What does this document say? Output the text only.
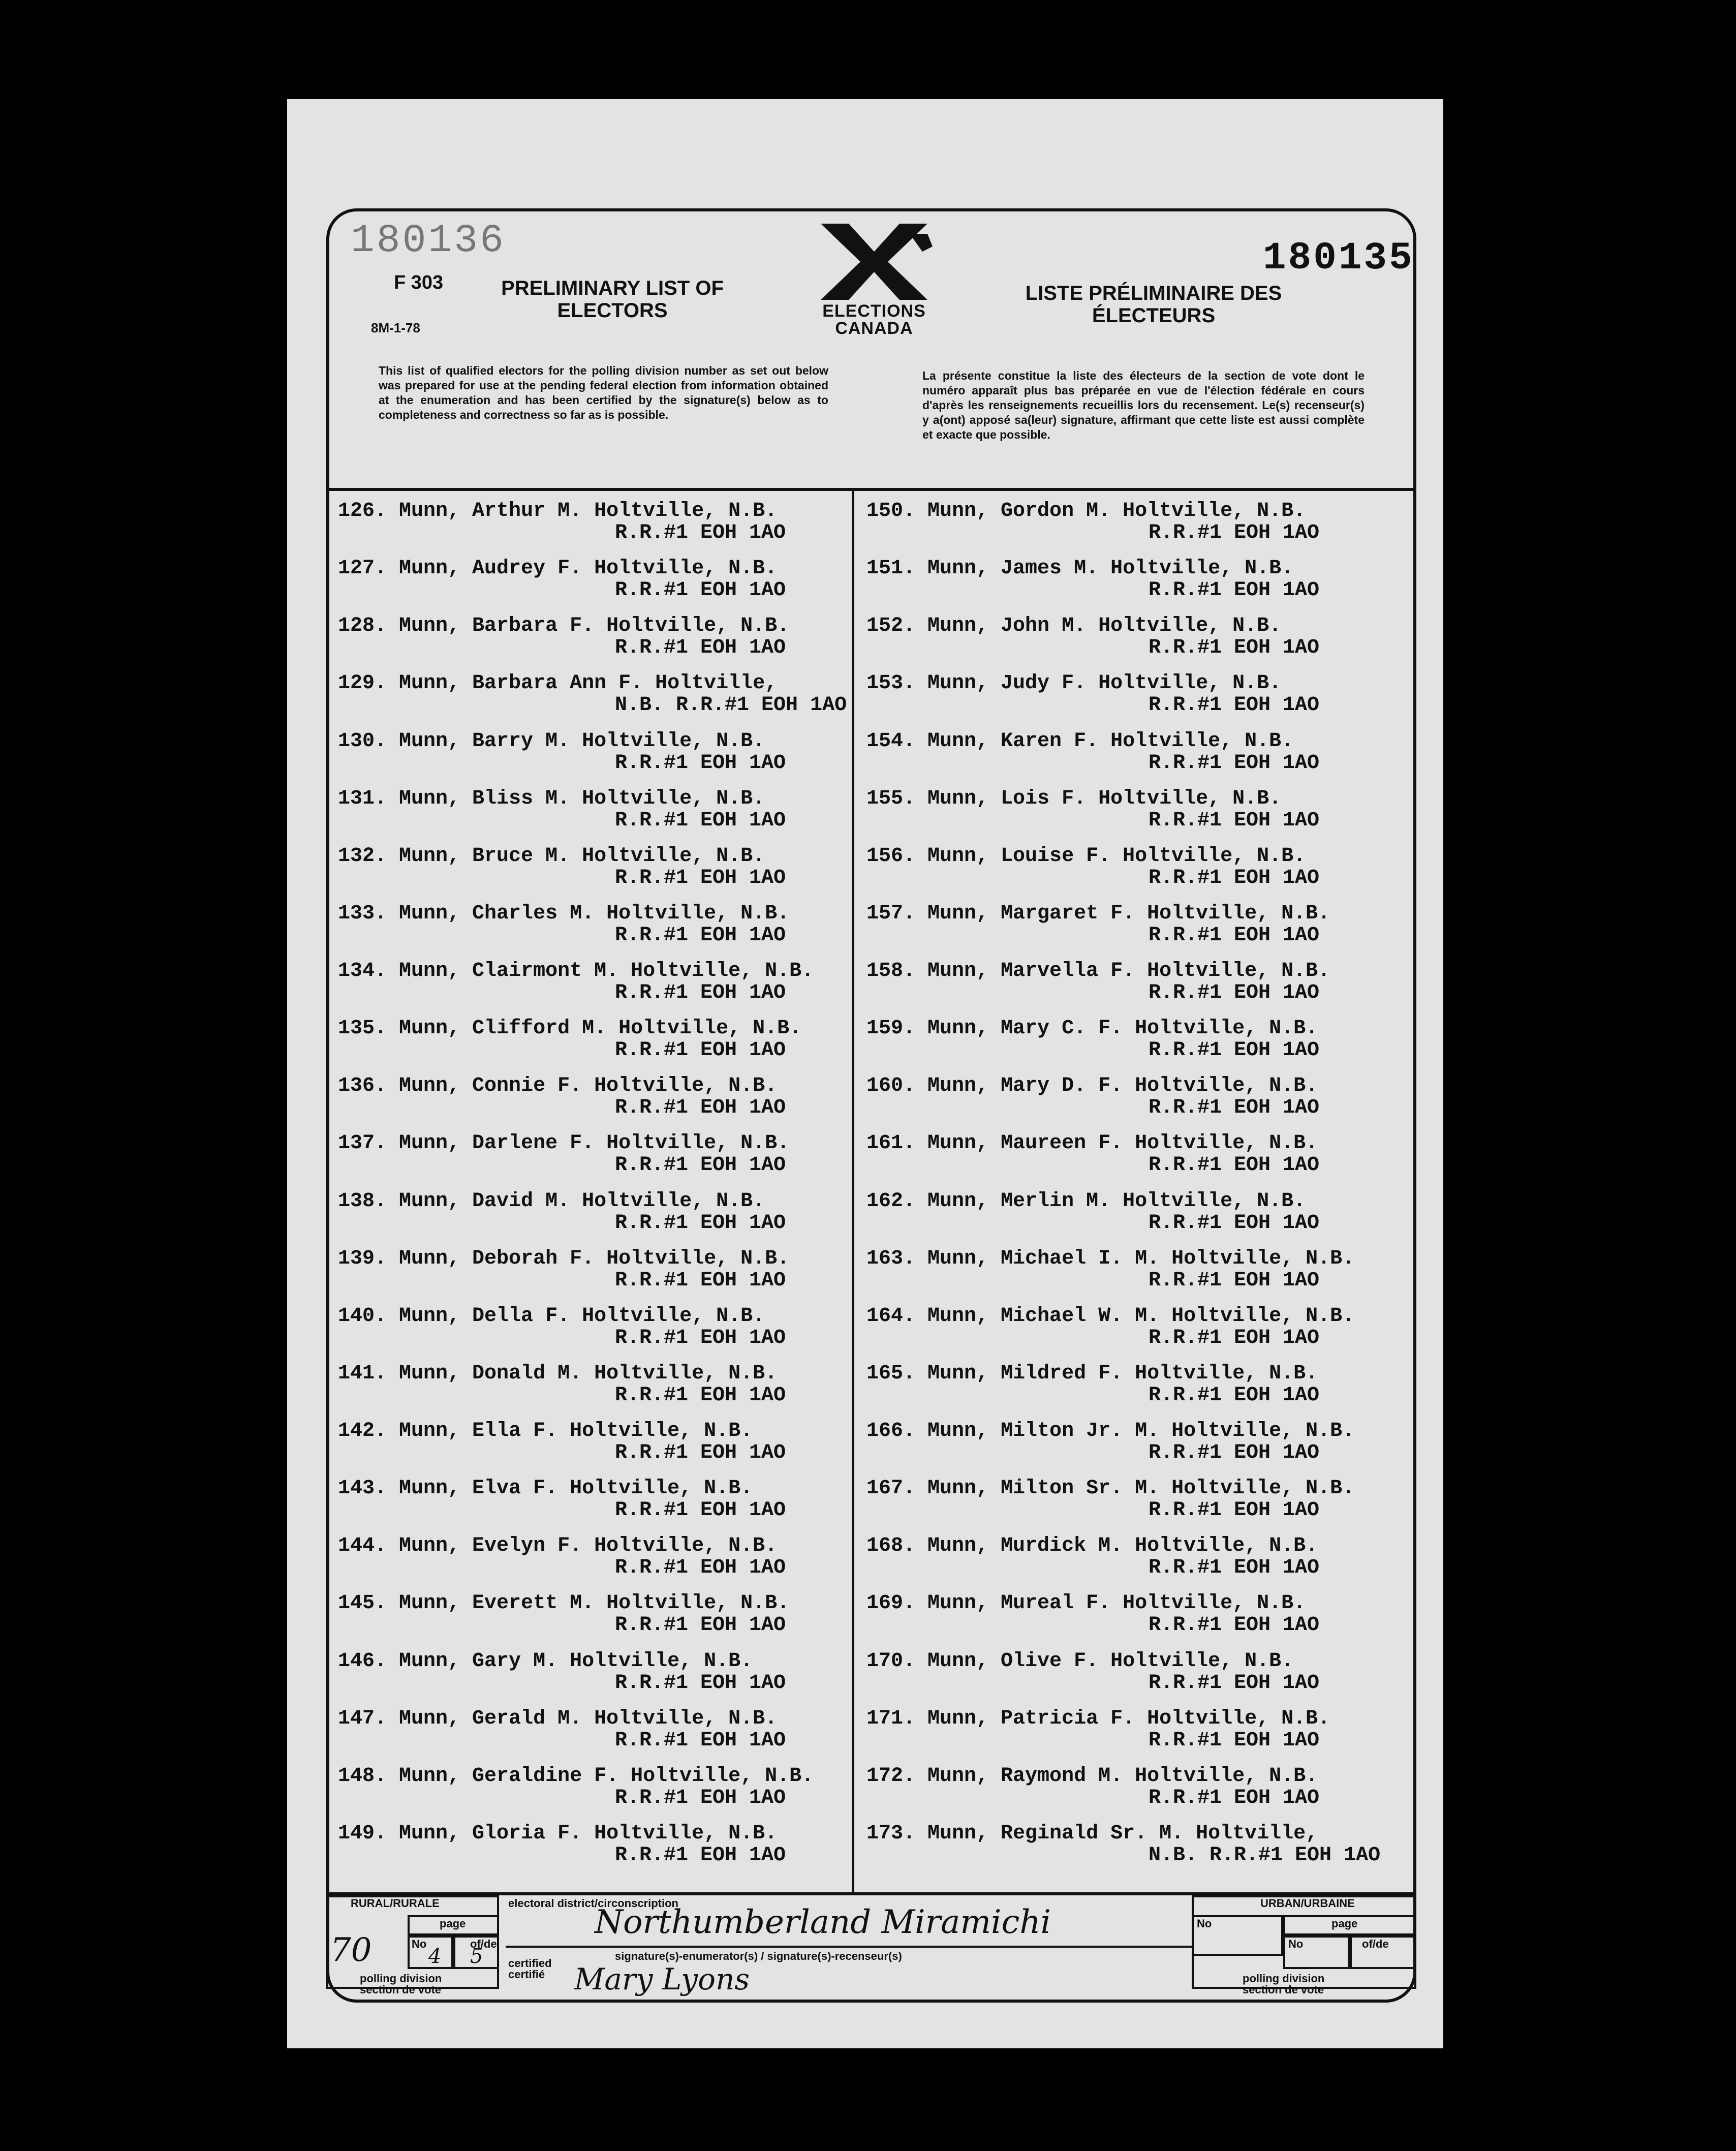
180136	180135
F 303
8M-1-78
PRELIMINARY LIST OF ELECTORS
LISTE PRÉLIMINAIRE DES ÉLECTEURS
ELECTIONS CANADA
This list of qualified electors for the polling division number as set out below was prepared for use at the pending federal election from information obtained at the enumeration and has been certified by the signature(s) below as to completeness and correctness so far as is possible.
La présente constitue la liste des électeurs de la section de vote dont le numéro apparaît plus bas préparée en vue de l'élection fédérale en cours d'après les renseignements recueillis lors du recensement. Le(s) recenseur(s) y a(ont) apposé sa(leur) signature, affirmant que cette liste est aussi complète et exacte que possible.
126. Munn, Arthur M. Holtville, N.B.
R.R.#1 EOH 1AO
127. Munn, Audrey F. Holtville, N.B.
R.R.#1 EOH 1AO
128. Munn, Barbara F. Holtville, N.B.
R.R.#1 EOH 1AO
129. Munn, Barbara Ann F. Holtville,
N.B. R.R.#1 EOH 1AO
130. Munn, Barry M. Holtville, N.B.
R.R.#1 EOH 1AO
131. Munn, Bliss M. Holtville, N.B.
R.R.#1 EOH 1AO
132. Munn, Bruce M. Holtville, N.B.
R.R.#1 EOH 1AO
133. Munn, Charles M. Holtville, N.B.
R.R.#1 EOH 1AO
134. Munn, Clairmont M. Holtville, N.B.
R.R.#1 EOH 1AO
135. Munn, Clifford M. Holtville, N.B.
R.R.#1 EOH 1AO
136. Munn, Connie F. Holtville, N.B.
R.R.#1 EOH 1AO
137. Munn, Darlene F. Holtville, N.B.
R.R.#1 EOH 1AO
138. Munn, David M. Holtville, N.B.
R.R.#1 EOH 1AO
139. Munn, Deborah F. Holtville, N.B.
R.R.#1 EOH 1AO
140. Munn, Della F. Holtville, N.B.
R.R.#1 EOH 1AO
141. Munn, Donald M. Holtville, N.B.
R.R.#1 EOH 1AO
142. Munn, Ella F. Holtville, N.B.
R.R.#1 EOH 1AO
143. Munn, Elva F. Holtville, N.B.
R.R.#1 EOH 1AO
144. Munn, Evelyn F. Holtville, N.B.
R.R.#1 EOH 1AO
145. Munn, Everett M. Holtville, N.B.
R.R.#1 EOH 1AO
146. Munn, Gary M. Holtville, N.B.
R.R.#1 EOH 1AO
147. Munn, Gerald M. Holtville, N.B.
R.R.#1 EOH 1AO
148. Munn, Geraldine F. Holtville, N.B.
R.R.#1 EOH 1AO
149. Munn, Gloria F. Holtville, N.B.
R.R.#1 EOH 1AO
150. Munn, Gordon M. Holtville, N.B.
R.R.#1 EOH 1AO
151. Munn, James M. Holtville, N.B.
R.R.#1 EOH 1AO
152. Munn, John M. Holtville, N.B.
R.R.#1 EOH 1AO
153. Munn, Judy F. Holtville, N.B.
R.R.#1 EOH 1AO
154. Munn, Karen F. Holtville, N.B.
R.R.#1 EOH 1AO
155. Munn, Lois F. Holtville, N.B.
R.R.#1 EOH 1AO
156. Munn, Louise F. Holtville, N.B.
R.R.#1 EOH 1AO
157. Munn, Margaret F. Holtville, N.B.
R.R.#1 EOH 1AO
158. Munn, Marvella F. Holtville, N.B.
R.R.#1 EOH 1AO
159. Munn, Mary C. F. Holtville, N.B.
R.R.#1 EOH 1AO
160. Munn, Mary D. F. Holtville, N.B.
R.R.#1 EOH 1AO
161. Munn, Maureen F. Holtville, N.B.
R.R.#1 EOH 1AO
162. Munn, Merlin M. Holtville, N.B.
R.R.#1 EOH 1AO
163. Munn, Michael I. M. Holtville, N.B.
R.R.#1 EOH 1AO
164. Munn, Michael W. M. Holtville, N.B.
R.R.#1 EOH 1AO
165. Munn, Mildred F. Holtville, N.B.
R.R.#1 EOH 1AO
166. Munn, Milton Jr. M. Holtville, N.B.
R.R.#1 EOH 1AO
167. Munn, Milton Sr. M. Holtville, N.B.
R.R.#1 EOH 1AO
168. Munn, Murdick M. Holtville, N.B.
R.R.#1 EOH 1AO
169. Munn, Mureal F. Holtville, N.B.
R.R.#1 EOH 1AO
170. Munn, Olive F. Holtville, N.B.
R.R.#1 EOH 1AO
171. Munn, Patricia F. Holtville, N.B.
R.R.#1 EOH 1AO
172. Munn, Raymond M. Holtville, N.B.
R.R.#1 EOH 1AO
173. Munn, Reginald Sr. M. Holtville,
N.B. R.R.#1 EOH 1AO
RURAL/RURALE
page
No	of/de
polling division
section de vote
70	4 5
electoral district/circonscription
Northumberland Miramichi
signature(s)-enumerator(s) / signature(s)-recenseur(s)
certified
certifié Mary Lyons
URBAN/URBAINE
No	page
No	of/de
polling division
section de vote
